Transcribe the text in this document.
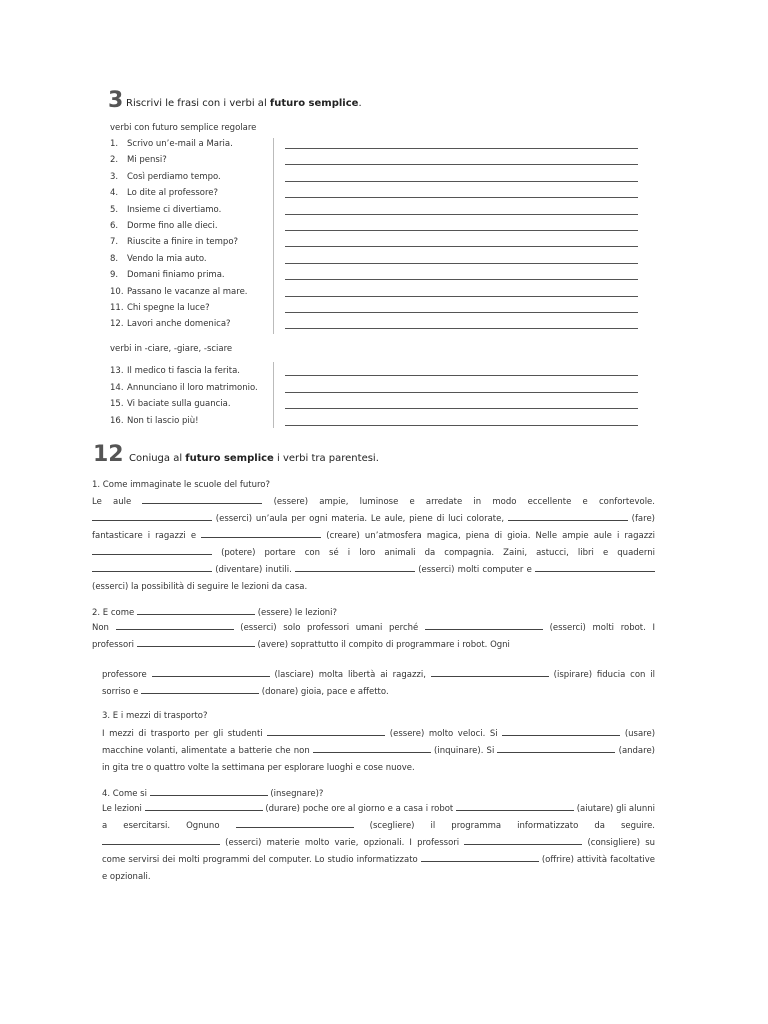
3 Riscrivi le frasi con i verbi al futuro semplice.
verbi con futuro semplice regolare
1. Scrivo un’e-mail a Maria.
2. Mi pensi?
3. Così perdiamo tempo.
4. Lo dite al professore?
5. Insieme ci divertiamo.
6. Dorme fino alle dieci.
7. Riuscite a finire in tempo?
8. Vendo la mia auto.
9. Domani finiamo prima.
10. Passano le vacanze al mare.
11. Chi spegne la luce?
12. Lavori anche domenica?
verbi in -ciare, -giare, -sciare
13. Il medico ti fascia la ferita.
14. Annunciano il loro matrimonio.
15. Vi baciate sulla guancia.
16. Non ti lascio più!
12 Coniuga al futuro semplice i verbi tra parentesi.
1. Come immaginate le scuole del futuro?
Le aule	(essere) ampie, luminose e arredate in modo eccellente e confortevole.  (esserci) un’aula per ogni materia. Le aule, piene di luci colorate,	(fare) fantasticare i ragazzi e	(creare) un’atmosfera magica, piena di gioia. Nelle ampie aule i ragazzi  (potere) portare con sé i loro animali da compagnia. Zaini, astucci, libri e quaderni  (diventare) inutili.	(esserci) molti computer e  (esserci) la possibilità di seguire le lezioni da casa.
2. E come	(essere) le lezioni?
Non	(esserci) solo professori umani perché	(esserci) molti robot. I professori	(avere) soprattutto il compito di programmare i robot. Ogni
professore	(lasciare) molta libertà ai ragazzi,	(ispirare) fiducia con il sorriso e	(donare) gioia, pace e affetto.
3. E i mezzi di trasporto?
I mezzi di trasporto per gli studenti	(essere) molto veloci. Si	(usare) macchine volanti, alimentate a batterie che non	(inquinare). Si	(andare) in gita tre o quattro volte la settimana per esplorare luoghi e cose nuove.
4. Come si	(insegnare)?
Le lezioni	(durare) poche ore al giorno e a casa i robot	(aiutare) gli alunni a esercitarsi. Ognuno	(scegliere) il programma informatizzato da seguire.  (esserci) materie molto varie, opzionali. I professori	(consigliere) su come servirsi dei molti programmi del computer. Lo studio informatizzato	(offrire) attività facoltative e opzionali.
